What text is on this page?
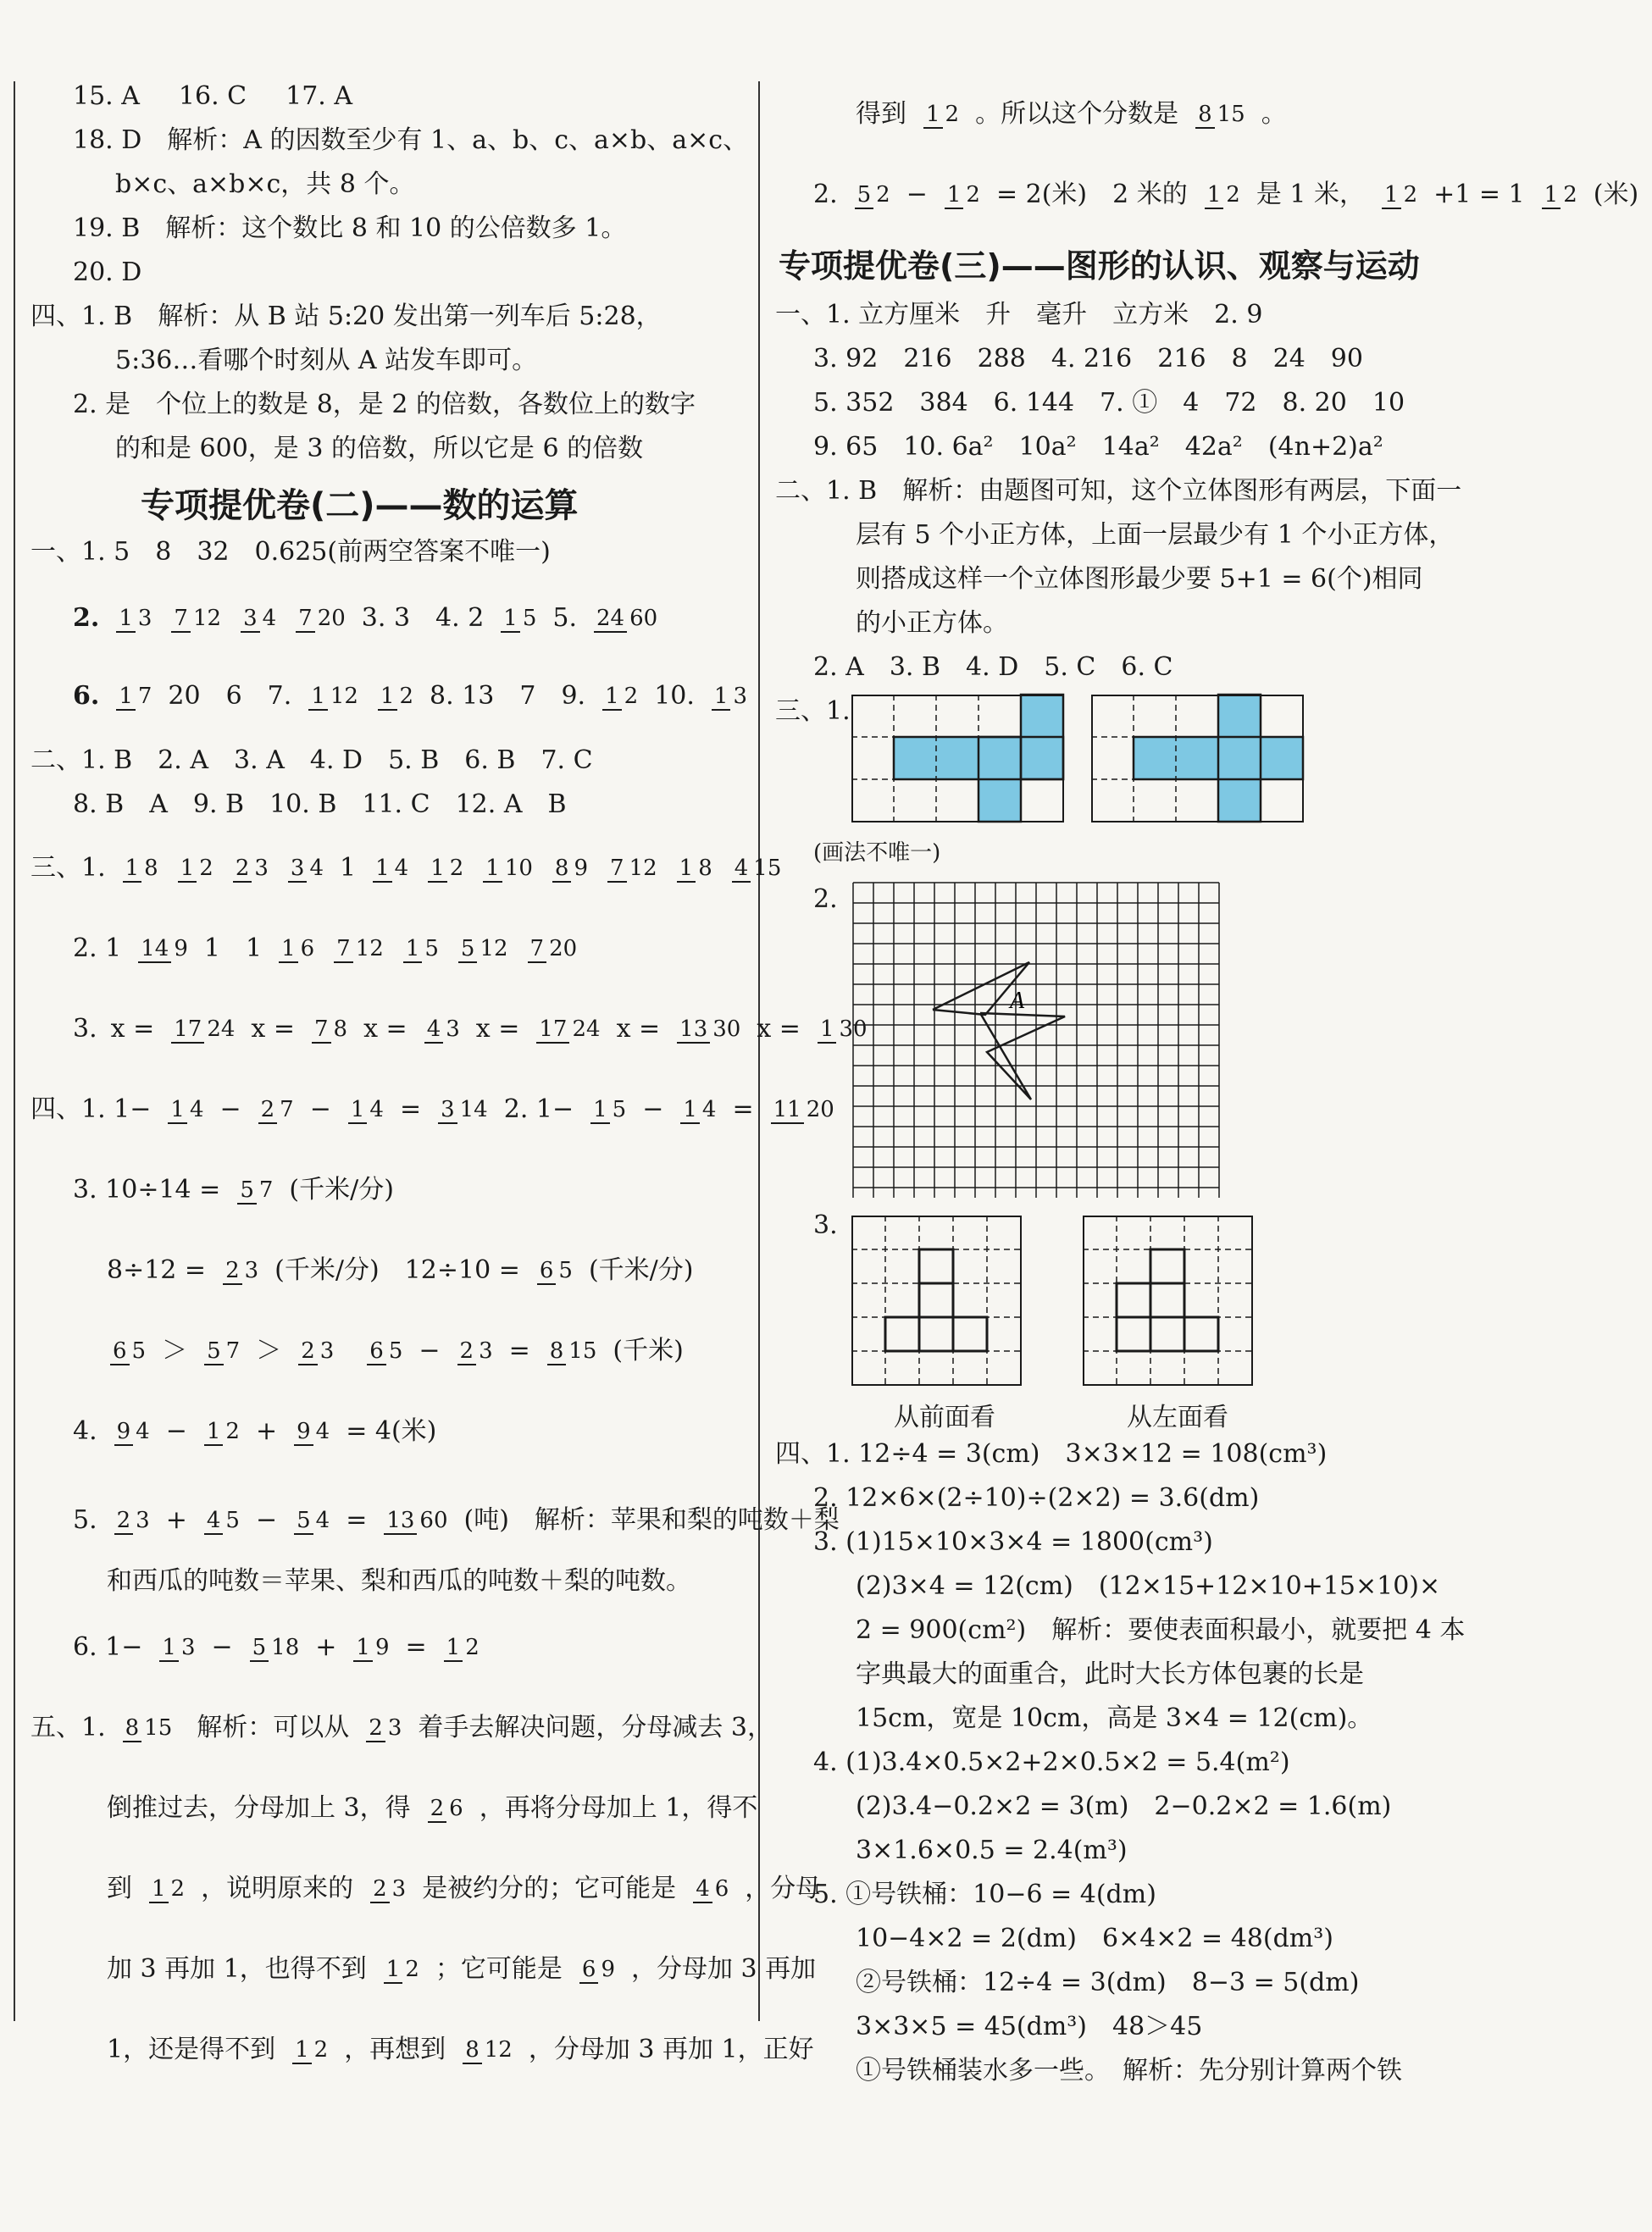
15. A 16. C 17. A
18. D　解析：A 的因数至少有 1、a、b、c、a×b、a×c、
b×c、a×b×c，共 8 个。
19. B　解析：这个数比 8 和 10 的公倍数多 1。
20. D
四、1. B　解析：从 B 站 5:20 发出第一列车后 5:28，
5:36…看哪个时刻从 A 站发车即可。
2. 是　个位上的数是 8，是 2 的倍数，各数位上的数字
的和是 600，是 3 的倍数，所以它是 6 的倍数
专项提优卷(二)——数的运算
一、1. 5　8　32　0.625(前两空答案不唯一)
2. 1 3 7 12 3 4 7 20 3. 3　4. 2 1 5 5. 24 60
6. 1 7 20　6　7. 1 12 1 2 8. 13　7　9. 1 2 10. 1 3
二、1. B　2. A　3. A　4. D　5. B　6. B　7. C
8. B　A　9. B　10. B　11. C　12. A　B
三、1. 1 8 1 2 2 3 3 4 1 1 4 1 2 1 10 8 9 7 12 1 8 4 15
2. 1 14 9 1　1 1 6 7 12 1 5 5 12 7 20
3. x = 17 24 x = 7 8 x = 4 3 x = 17 24 x = 13 30 x = 1 30
四、1. 1− 1 4 − 2 7 − 1 4 = 3 14 2. 1− 1 5 − 1 4 = 11 20
3. 10÷14 = 5 7 (千米/分)
8÷12 = 2 3 (千米/分)　12÷10 = 6 5 (千米/分)
6 5 ＞ 5 7 ＞ 2 3 6 5 − 2 3 = 8 15 (千米)
4. 9 4 − 1 2 + 9 4 = 4(米)
5. 2 3 + 4 5 − 5 4 = 13 60 (吨)　解析：苹果和梨的吨数＋梨
和西瓜的吨数＝苹果、梨和西瓜的吨数＋梨的吨数。
6. 1− 1 3 − 5 18 + 1 9 = 1 2
五、1. 8 15 解析：可以从 2 3 着手去解决问题，分母减去 3，
倒推过去，分母加上 3，得 2 6 ，再将分母加上 1，得不
到 1 2 ，说明原来的 2 3 是被约分的；它可能是 4 6 ，分母
加 3 再加 1，也得不到 1 2 ；它可能是 6 9 ，分母加 3 再加
1，还是得不到 1 2 ，再想到 8 12 ，分母加 3 再加 1，正好
得到 1 2 。所以这个分数是 8 15 。
2. 5 2 − 1 2 = 2(米)　2 米的 1 2 是 1 米， 1 2 +1 = 1 1 2 (米)
专项提优卷(三)——图形的认识、观察与运动
一、1. 立方厘米　升　毫升　立方米　2. 9
3. 92　216　288　4. 216　216　8　24　90
5. 352　384　6. 144　7. ①　4　72　8. 20　10
9. 65　10. 6a²　10a²　14a²　42a²　(4n+2)a²
二、1. B　解析：由题图可知，这个立体图形有两层，下面一
层有 5 个小正方体，上面一层最少有 1 个小正方体，
则搭成这样一个立体图形最少要 5+1 = 6(个)相同
的小正方体。
2. A　3. B　4. D　5. C　6. C
三、1.
(画法不唯一)
2.
A
3.
从前面看	从左面看
四、1. 12÷4 = 3(cm)　3×3×12 = 108(cm³)
2. 12×6×(2÷10)÷(2×2) = 3.6(dm)
3. (1)15×10×3×4 = 1800(cm³)
(2)3×4 = 12(cm)　(12×15+12×10+15×10)×
2 = 900(cm²)　解析：要使表面积最小，就要把 4 本
字典最大的面重合，此时大长方体包裹的长是
15cm，宽是 10cm，高是 3×4 = 12(cm)。
4. (1)3.4×0.5×2+2×0.5×2 = 5.4(m²)
(2)3.4−0.2×2 = 3(m)　2−0.2×2 = 1.6(m)
3×1.6×0.5 = 2.4(m³)
5. ①号铁桶：10−6 = 4(dm)
10−4×2 = 2(dm)　6×4×2 = 48(dm³)
②号铁桶：12÷4 = 3(dm)　8−3 = 5(dm)
3×3×5 = 45(dm³)　48＞45
①号铁桶装水多一些。　解析：先分别计算两个铁
